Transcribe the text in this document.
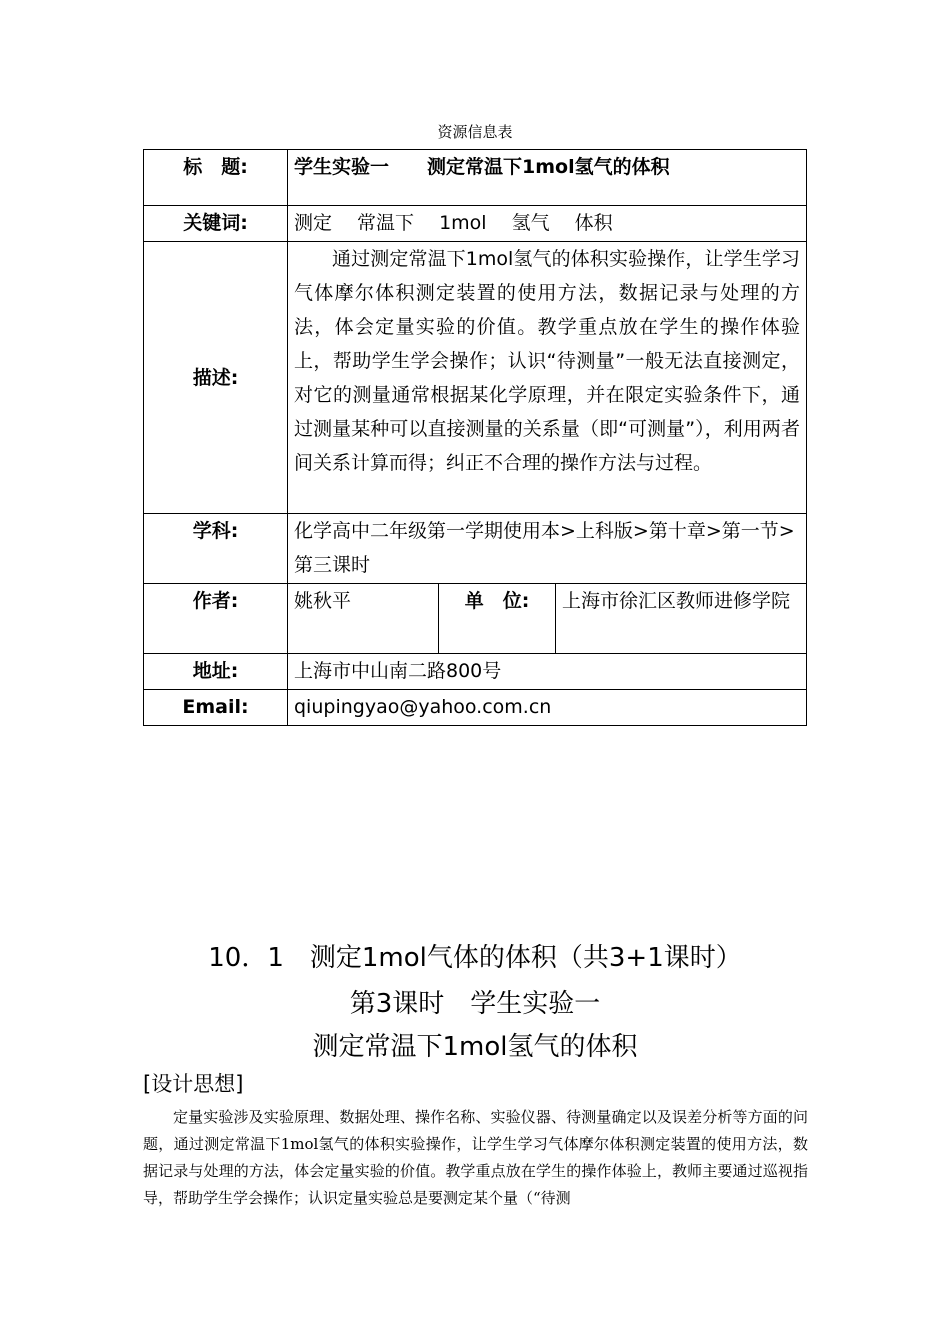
资源信息表
标　题:	学生实验一　　测定常温下1mol氢气的体积		
关键词:	测定　 常温下　 1mol　 氢气　 体积		
描述:	通过测定常温下1mol氢气的体积实验操作，让学生学习气体摩尔体积测定装置的使用方法，数据记录与处理的方法，体会定量实验的价值。教学重点放在学生的操作体验上，帮助学生学会操作；认识“待测量”一般无法直接测定，对它的测量通常根据某化学原理，并在限定实验条件下，通过测量某种可以直接测量的关系量（即“可测量”），利用两者间关系计算而得；纠正不合理的操作方法与过程。		
学科:	化学高中二年级第一学期使用本>上科版>第十章>第一节>第三课时		
作者:	姚秋平	单　位:	上海市徐汇区教师进修学院
地址:	上海市中山南二路800号		
Email:	qiupingyao@yahoo.com.cn		
10．1　测定1mol气体的体积（共3+1课时）
第3课时　学生实验一
测定常温下1mol氢气的体积
[设计思想]
定量实验涉及实验原理、数据处理、操作名称、实验仪器、待测量确定以及误差分析等方面的问题，通过测定常温下1mol氢气的体积实验操作，让学生学习气体摩尔体积测定装置的使用方法，数据记录与处理的方法，体会定量实验的价值。教学重点放在学生的操作体验上，教师主要通过巡视指导，帮助学生学会操作；认识定量实验总是要测定某个量（“待测
